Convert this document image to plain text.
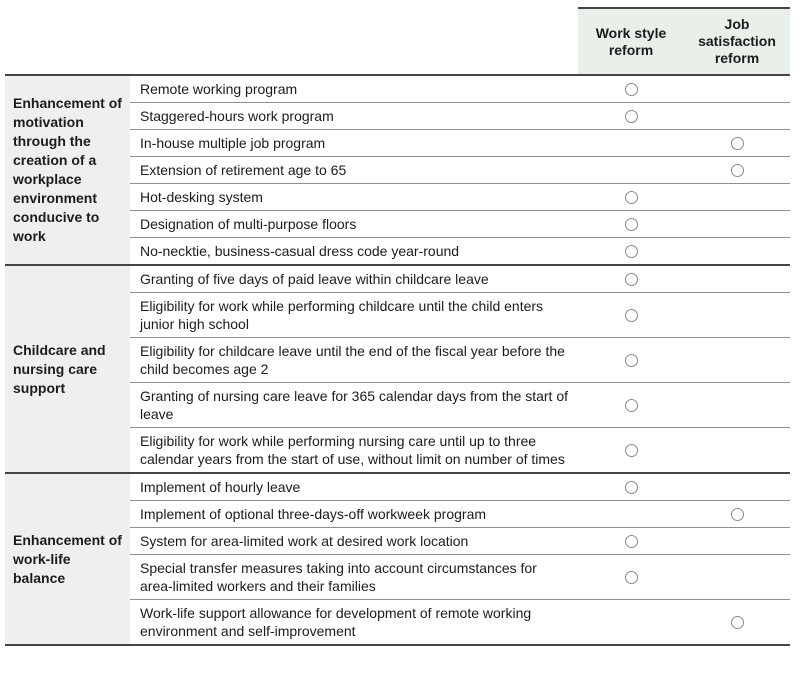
Work style reform
Job satisfaction reform
Enhancement of motivation through the creation of a workplace environment conducive to work
Remote working program
Staggered-hours work program
In-house multiple job program
Extension of retirement age to 65
Hot-desking system
Designation of multi-purpose floors
No-necktie, business-casual dress code year-round
Childcare and nursing care support
Granting of five days of paid leave within childcare leave
Eligibility for work while performing childcare until the child enters junior high school
Eligibility for childcare leave until the end of the fiscal year before the child becomes age 2
Granting of nursing care leave for 365 calendar days from the start of leave
Eligibility for work while performing nursing care until up to three calendar years from the start of use, without limit on number of times
Enhancement of work-life balance
Implement of hourly leave
Implement of optional three-days-off workweek program
System for area-limited work at desired work location
Special transfer measures taking into account circumstances for area-limited workers and their families
Work-life support allowance for development of remote working environment and self-improvement
